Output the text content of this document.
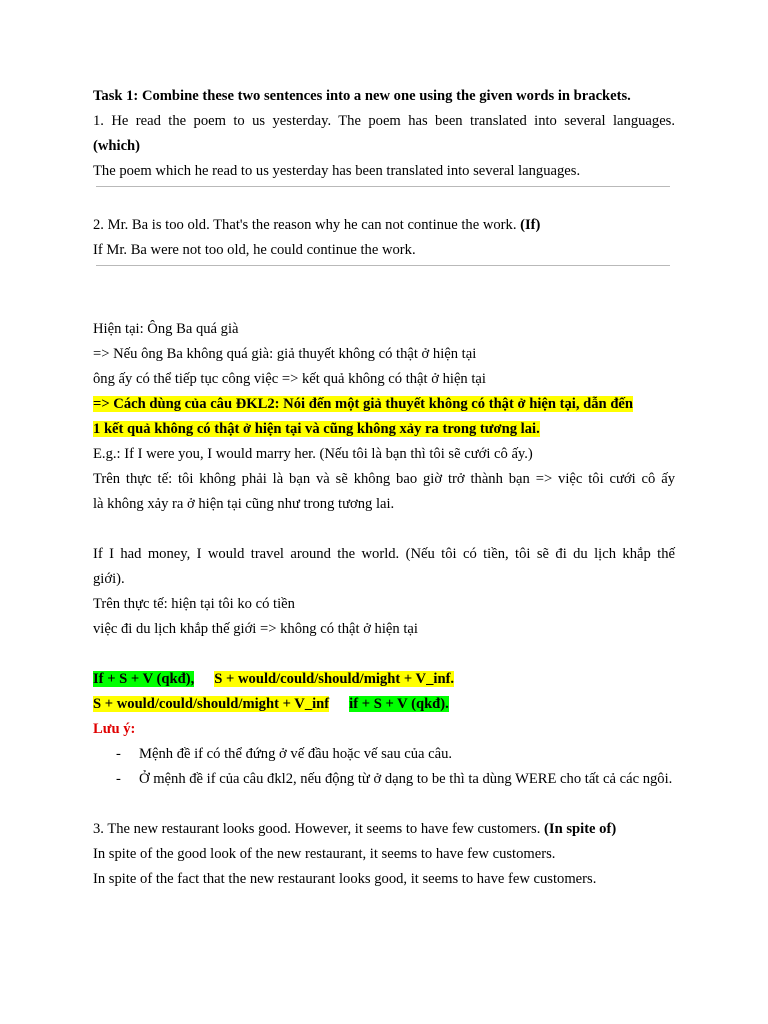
Task 1: Combine these two sentences into a new one using the given words in brackets.
1. He read the poem to us yesterday. The poem has been translated into several languages.
(which)
The poem which he read to us yesterday has been translated into several languages.
2. Mr. Ba is too old. That's the reason why he can not continue the work. (If)
If Mr. Ba were not too old, he could continue the work.
Hiện tại: Ông Ba quá già
=> Nếu ông Ba không quá già: giả thuyết không có thật ở hiện tại
ông ấy có thể tiếp tục công việc => kết quả không có thật ở hiện tại
=> Cách dùng của câu ĐKL2: Nói đến một giả thuyết không có thật ở hiện tại, dẫn đến
1 kết quả không có thật ở hiện tại và cũng không xảy ra trong tương lai.
E.g.: If I were you, I would marry her. (Nếu tôi là bạn thì tôi sẽ cưới cô ấy.)
Trên thực tế: tôi không phải là bạn và sẽ không bao giờ trở thành bạn => việc tôi cưới cô ấy
là không xảy ra ở hiện tại cũng như trong tương lai.
If I had money, I would travel around the world. (Nếu tôi có tiền, tôi sẽ đi du lịch khắp thế
giới).
Trên thực tế: hiện tại tôi ko có tiền
việc đi du lịch khắp thế giới => không có thật ở hiện tại
If + S + V (qkđ), S + would/could/should/might + V_inf.
S + would/could/should/might + V_inf if + S + V (qkđ).
Lưu ý:
- Mệnh đề if có thể đứng ở vế đầu hoặc vế sau của câu.
- Ở mệnh đề if của câu đkl2, nếu động từ ở dạng to be thì ta dùng WERE cho tất cả các ngôi.
3. The new restaurant looks good. However, it seems to have few customers. (In spite of)
In spite of the good look of the new restaurant, it seems to have few customers.
In spite of the fact that the new restaurant looks good, it seems to have few customers.
